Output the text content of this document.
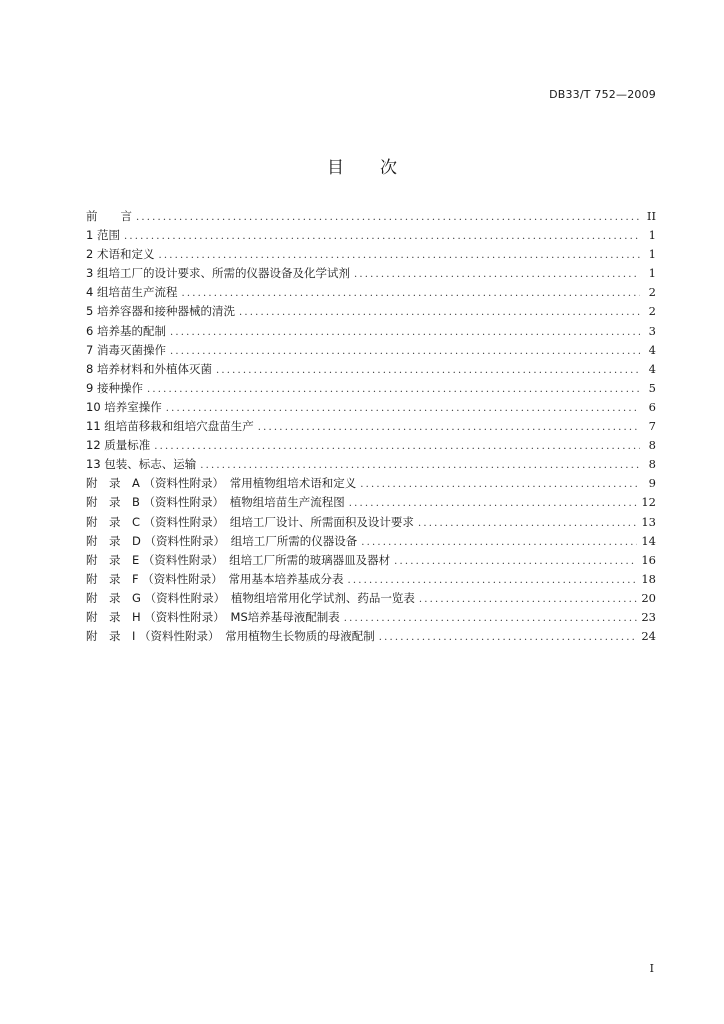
DB33/T 752—2009
目次
前　　言 .....	II
1 范围 .....	1
2 术语和定义 .....	1
3 组培工厂的设计要求、所需的仪器设备及化学试剂 .....	1
4 组培苗生产流程 .....	2
5 培养容器和接种器械的清洗 .....	2
6 培养基的配制 .....	3
7 消毒灭菌操作 .....	4
8 培养材料和外植体灭菌 .....	4
9 接种操作 .....	5
10 培养室操作 .....	6
11 组培苗移栽和组培穴盘苗生产 .....	7
12 质量标准 .....	8
13 包装、标志、运输 .....	8
附　录　A （资料性附录）　常用植物组培术语和定义 .....	9
附　录　B （资料性附录）　植物组培苗生产流程图 .....	12
附　录　C （资料性附录）　组培工厂设计、所需面积及设计要求 .....	13
附　录　D （资料性附录）　组培工厂所需的仪器设备 .....	14
附　录　E （资料性附录）　组培工厂所需的玻璃器皿及器材 .....	16
附　录　F （资料性附录）　常用基本培养基成分表 .....	18
附　录　G （资料性附录）　植物组培常用化学试剂、药品一览表 .....	20
附　录　H （资料性附录）　MS培养基母液配制表 .....	23
附　录　I （资料性附录）　常用植物生长物质的母液配制 .....	24
I
